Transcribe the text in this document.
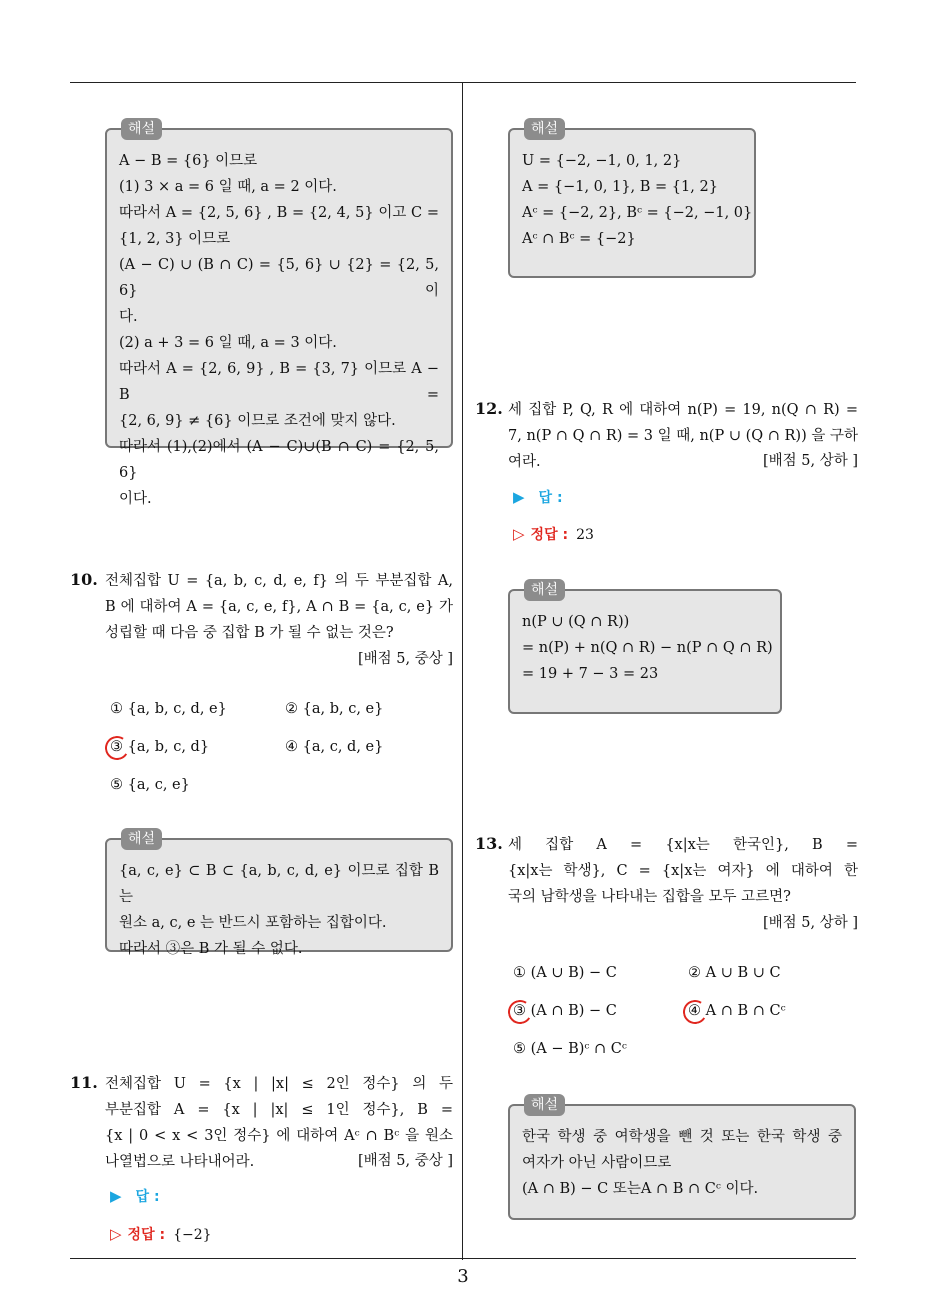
해설
A − B = {6} 이므로
(1) 3 × a = 6 일 때, a = 2 이다.
따라서 A = {2, 5, 6} , B = {2, 4, 5} 이고 C =
{1, 2, 3} 이므로
(A − C) ∪ (B ∩ C) = {5, 6} ∪ {2} = {2, 5, 6} 이
다.
(2) a + 3 = 6 일 때, a = 3 이다.
따라서 A = {2, 6, 9} , B = {3, 7} 이므로 A − B =
{2, 6, 9} ≠ {6} 이므로 조건에 맞지 않다.
따라서 (1),(2)에서 (A − C)∪(B ∩ C) = {2, 5, 6}
이다.
10. 전체집합 U = {a, b, c, d, e, f} 의 두 부분집합 A,
B 에 대하여 A = {a, c, e, f}, A ∩ B = {a, c, e} 가
성립할 때 다음 중 집합 B 가 될 수 없는 것은?
[배점 5, 중상 ]
① {a, b, c, d, e}	② {a, b, c, e}
③ {a, b, c, d}	④ {a, c, d, e}
⑤ {a, c, e}
해설
{a, c, e} ⊂ B ⊂ {a, b, c, d, e} 이므로 집합 B 는
원소 a, c, e 는 반드시 포함하는 집합이다.
따라서 ③은 B 가 될 수 없다.
11. 전체집합 U = {x | |x| ≤ 2인 정수} 의 두
부분집합 A = {x | |x| ≤ 1인 정수}, B =
{x | 0 < x < 3인 정수} 에 대하여 Aᶜ ∩ Bᶜ 을 원소
나열법으로 나타내어라.	[배점 5, 중상 ]
▶ 답 :
▷ 정답 : {−2}
해설
U = {−2, −1, 0, 1, 2}
A = {−1, 0, 1}, B = {1, 2}
Aᶜ = {−2, 2}, Bᶜ = {−2, −1, 0}
Aᶜ ∩ Bᶜ = {−2}
12. 세 집합 P, Q, R 에 대하여 n(P) = 19, n(Q ∩ R) =
7, n(P ∩ Q ∩ R) = 3 일 때, n(P ∪ (Q ∩ R)) 을 구하
여라.	[배점 5, 상하 ]
▶ 답 :
▷ 정답 : 23
해설
n(P ∪ (Q ∩ R))
= n(P) + n(Q ∩ R) − n(P ∩ Q ∩ R)
= 19 + 7 − 3 = 23
13. 세 집합 A = {x|x는 한국인}, B =
{x|x는 학생}, C = {x|x는 여자} 에 대하여 한
국의 남학생을 나타내는 집합을 모두 고르면?
[배점 5, 상하 ]
① (A ∪ B) − C	② A ∪ B ∪ C
③ (A ∩ B) − C	④ A ∩ B ∩ Cᶜ
⑤ (A − B)ᶜ ∩ Cᶜ
해설
한국 학생 중 여학생을 뺀 것 또는 한국 학생 중
여자가 아닌 사람이므로
(A ∩ B) − C 또는A ∩ B ∩ Cᶜ 이다.
3
